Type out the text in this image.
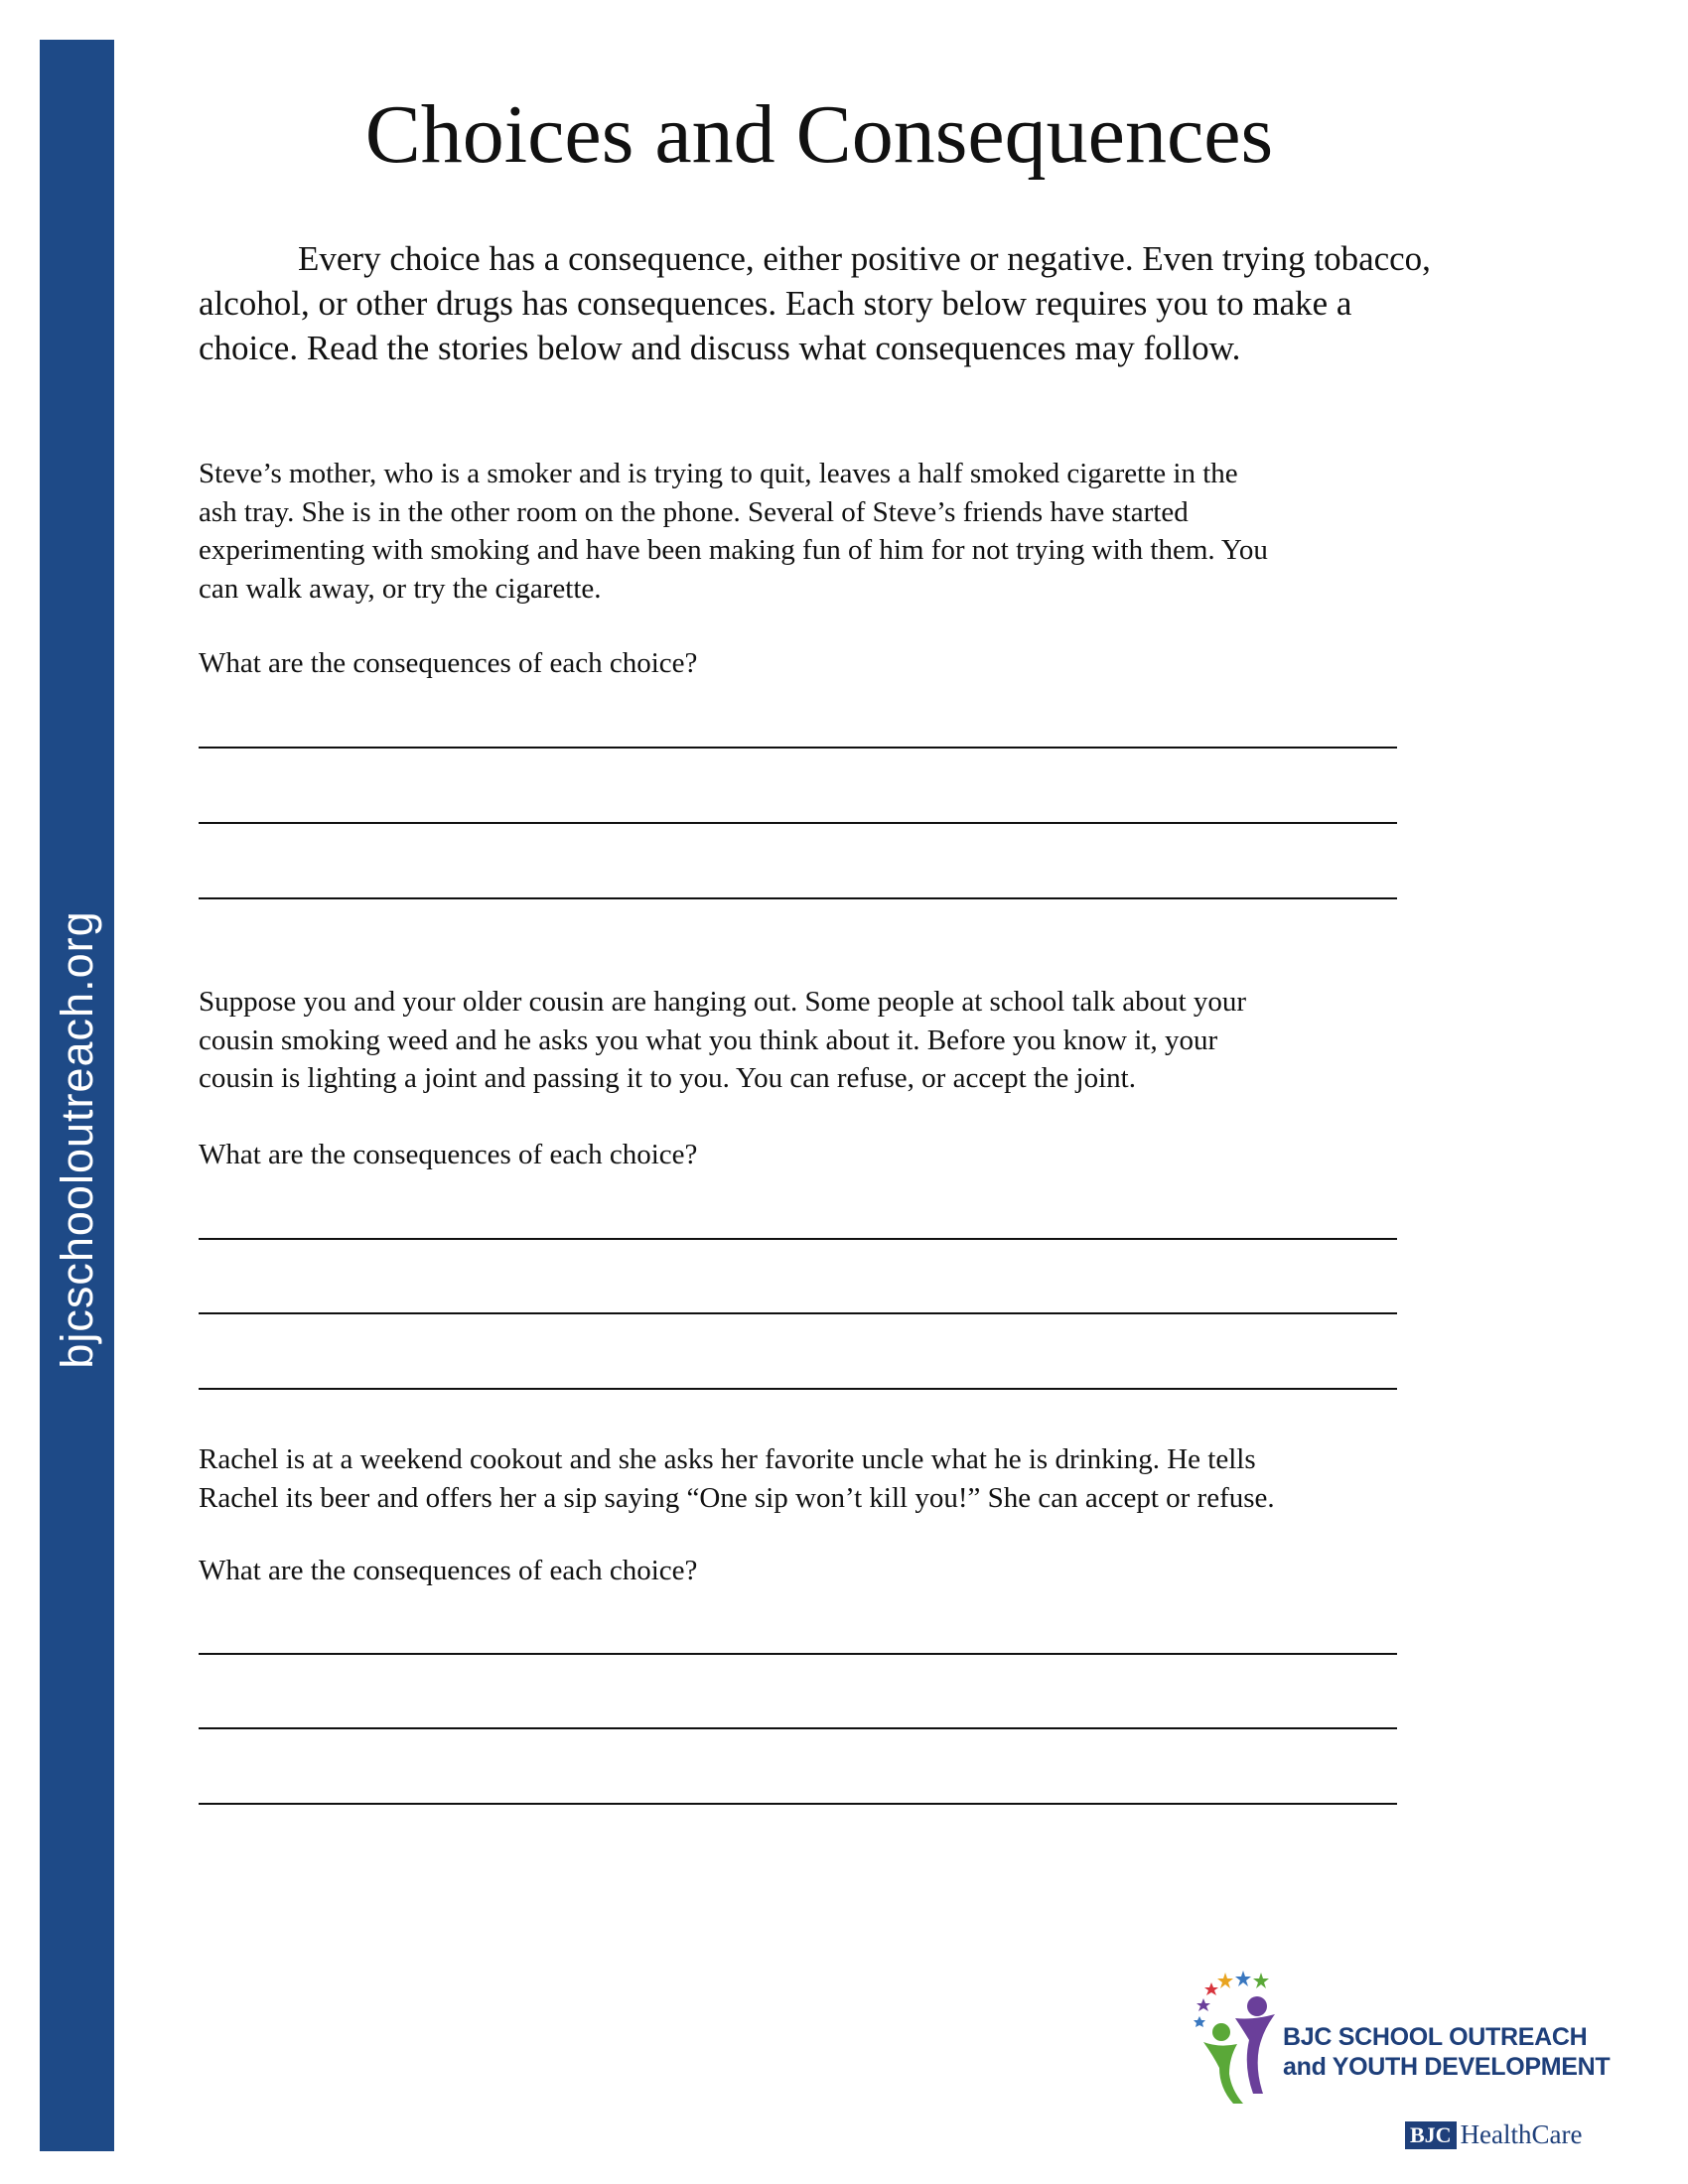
bjcschooloutreach.org
Choices and Consequences

Every choice has a consequence, either positive or negative. Even trying tobacco, alcohol, or other drugs has consequences. Each story below requires you to make a choice. Read the stories below and discuss what consequences may follow.

Steve’s mother, who is a smoker and is trying to quit, leaves a half smoked cigarette in the
ash tray. She is in the other room on the phone. Several of Steve’s friends have started
experimenting with smoking and have been making fun of him for not trying with them. You
can walk away, or try the cigarette.

What are the consequences of each choice?

Suppose you and your older cousin are hanging out. Some people at school talk about your
cousin smoking weed and he asks you what you think about it. Before you know it, your
cousin is lighting a joint and passing it to you. You can refuse, or accept the joint.

What are the consequences of each choice?

Rachel is at a weekend cookout and she asks her favorite uncle what he is drinking. He tells
Rachel its beer and offers her a sip saying “One sip won’t kill you!” She can accept or refuse.

What are the consequences of each choice?

BJC SCHOOL OUTREACH
and YOUTH DEVELOPMENT
BJC HealthCare
